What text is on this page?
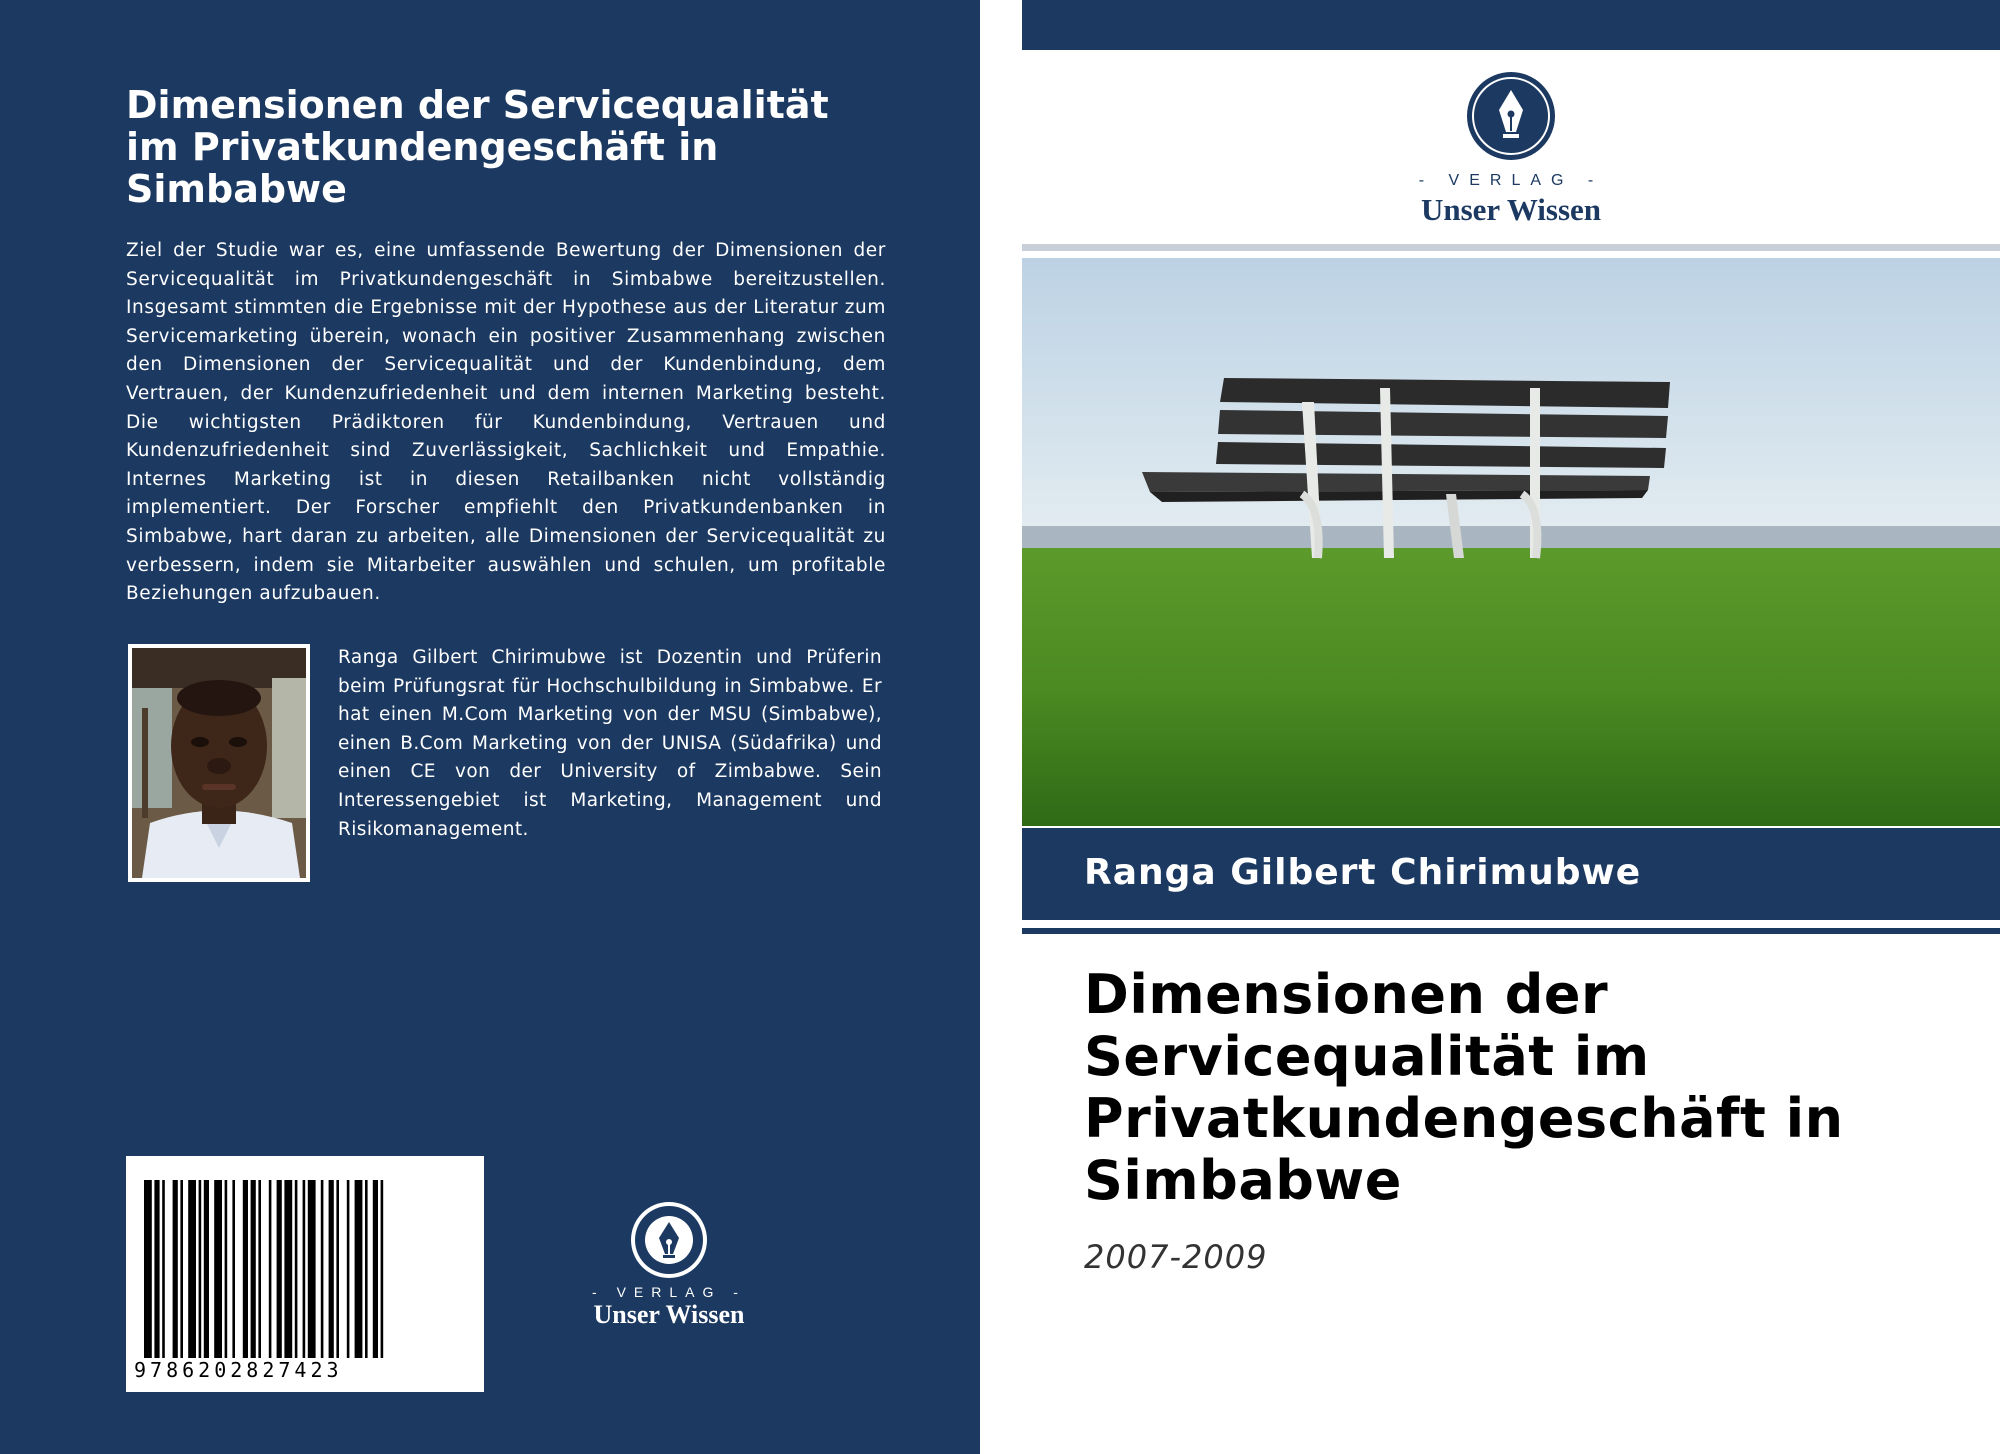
Dimensionen der Servicequalität im Privatkundengeschäft in Simbabwe

Ziel der Studie war es, eine umfassende Bewertung der Dimensionen der Servicequalität im Privatkundengeschäft in Simbabwe bereitzustellen. Insgesamt stimmten die Ergebnisse mit der Hypothese aus der Literatur zum Servicemarketing überein, wonach ein positiver Zusammenhang zwischen den Dimensionen der Servicequalität und der Kundenbindung, dem Vertrauen, der Kundenzufriedenheit und dem internen Marketing besteht. Die wichtigsten Prädiktoren für Kundenbindung, Vertrauen und Kundenzufriedenheit sind Zuverlässigkeit, Sachlichkeit und Empathie. Internes Marketing ist in diesen Retailbanken nicht vollständig implementiert. Der Forscher empfiehlt den Privatkundenbanken in Simbabwe, hart daran zu arbeiten, alle Dimensionen der Servicequalität zu verbessern, indem sie Mitarbeiter auswählen und schulen, um profitable Beziehungen aufzubauen.

Ranga Gilbert Chirimubwe ist Dozentin und Prüferin beim Prüfungsrat für Hochschulbildung in Simbabwe. Er hat einen M.Com Marketing von der MSU (Simbabwe), einen B.Com Marketing von der UNISA (Südafrika) und einen CE von der University of Zimbabwe. Sein Interessengebiet ist Marketing, Management und Risikomanagement.

9786202827423
- VERLAG -
Unser Wissen
- VERLAG -
Unser Wissen
Ranga Gilbert Chirimubwe
Dimensionen der Servicequalität im Privatkundengeschäft in Simbabwe
2007-2009
